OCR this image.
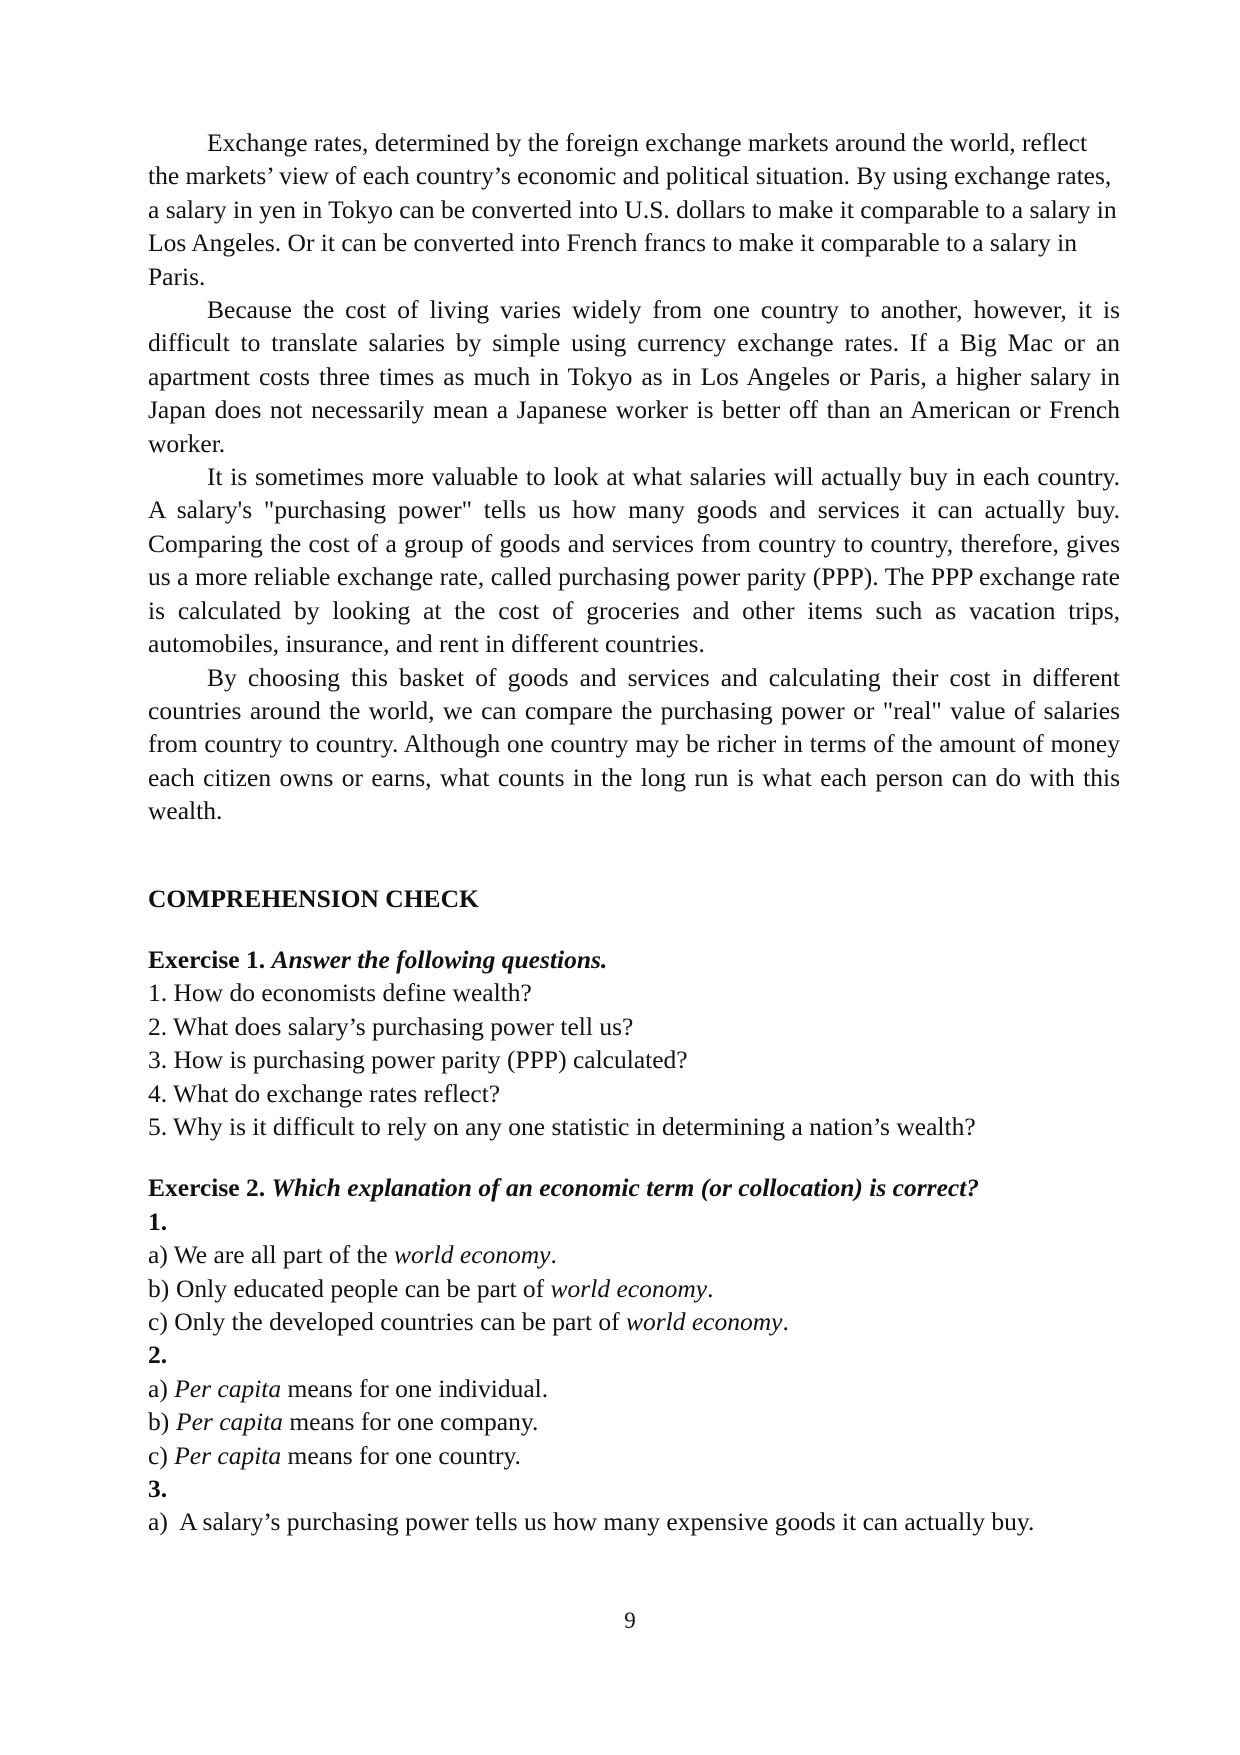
Exchange rates, determined by the foreign exchange markets around the world, reflect the markets’ view of each country’s economic and political situation. By using exchange rates, a salary in yen in Tokyo can be converted into U.S. dollars to make it comparable to a salary in Los Angeles. Or it can be converted into French francs to make it comparable to a salary in Paris.

Because the cost of living varies widely from one country to another, however, it is difficult to translate salaries by simple using currency exchange rates. If a Big Mac or an apartment costs three times as much in Tokyo as in Los Angeles or Paris, a higher salary in Japan does not necessarily mean a Japanese worker is better off than an American or French worker.

It is sometimes more valuable to look at what salaries will actually buy in each country. A salary's "purchasing power" tells us how many goods and services it can actually buy. Comparing the cost of a group of goods and services from country to country, therefore, gives us a more reliable exchange rate, called purchasing power parity (PPP). The PPP exchange rate is calculated by looking at the cost of groceries and other items such as vacation trips, automobiles, insurance, and rent in different countries.

By choosing this basket of goods and services and calculating their cost in different countries around the world, we can compare the purchasing power or "real" value of salaries from country to country. Although one country may be richer in terms of the amount of money each citizen owns or earns, what counts in the long run is what each person can do with this wealth.

COMPREHENSION CHECK

Exercise 1. Answer the following questions.

1. How do economists define wealth?

2. What does salary’s purchasing power tell us?

3. How is purchasing power parity (PPP) calculated?

4. What do exchange rates reflect?

5. Why is it difficult to rely on any one statistic in determining a nation’s wealth?

Exercise 2. Which explanation of an economic term (or collocation) is correct?

1.

a) We are all part of the world economy.

b) Only educated people can be part of world economy.

c) Only the developed countries can be part of world economy.

2.

a) Per capita means for one individual.

b) Per capita means for one company.

c) Per capita means for one country.

3.

a) A salary’s purchasing power tells us how many expensive goods it can actually buy.

9
